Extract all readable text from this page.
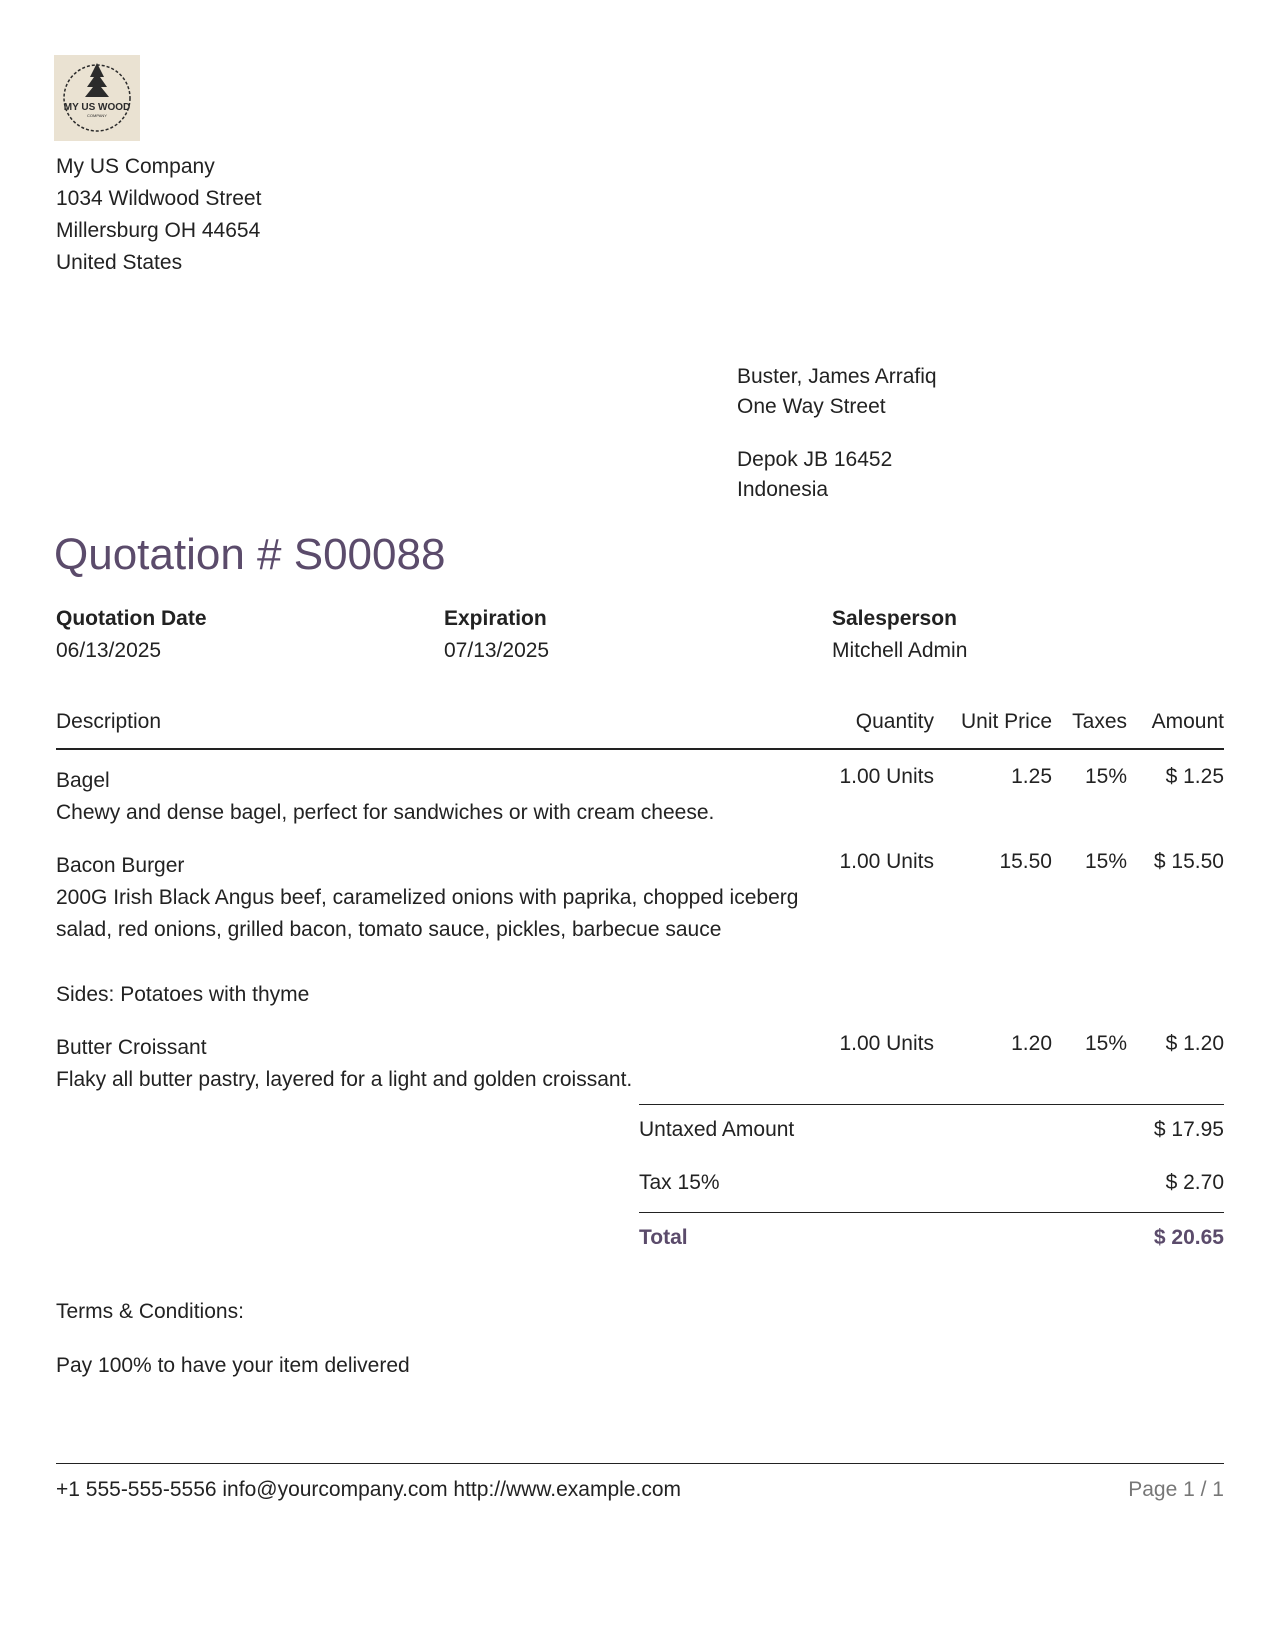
MY US WOOD
COMPANY
My US Company
1034 Wildwood Street
Millersburg OH 44654
United States
Buster, James Arrafiq
One Way Street
Depok JB 16452
Indonesia
Quotation # S00088
Quotation Date
06/13/2025
Expiration
07/13/2025
Salesperson
Mitchell Admin
Description	Quantity Unit Price Taxes Amount
Bagel
Chewy and dense bagel, perfect for sandwiches or with cream cheese.
1.00 Units	1.25 15% $ 1.25
Bacon Burger
200G Irish Black Angus beef, caramelized onions with paprika, chopped iceberg
salad, red onions, grilled bacon, tomato sauce, pickles, barbecue sauce
Sides: Potatoes with thyme
1.00 Units	15.50 15% $ 15.50
Butter Croissant
Flaky all butter pastry, layered for a light and golden croissant.
1.00 Units	1.20 15% $ 1.20
Untaxed Amount	$ 17.95
Tax 15%	$ 2.70
Total	$ 20.65
Terms & Conditions:
Pay 100% to have your item delivered
+1 555-555-5556 info@yourcompany.com http://www.example.com	Page 1 / 1
